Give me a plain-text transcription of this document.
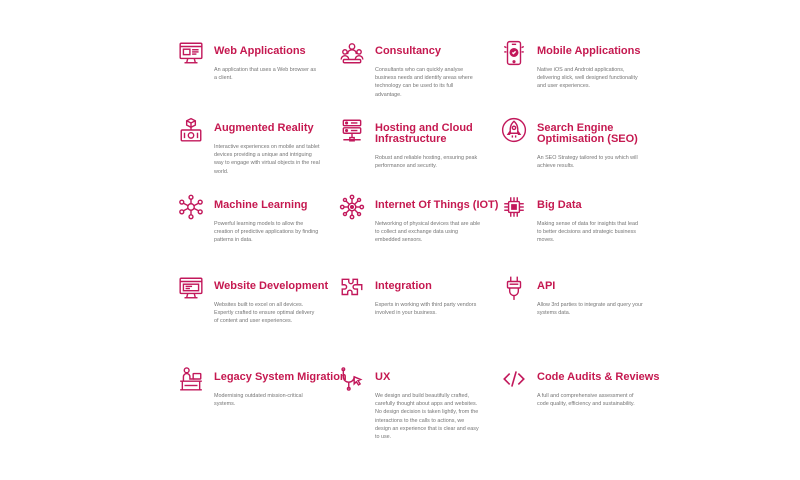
Web Applications

An application that uses a Web browser as a client.

Consultancy

Consultants who can quickly analyse business needs and identify areas where technology can be used to its full advantage.

Mobile Applications

Native iOS and Android applications, delivering slick, well designed functionality and user experiences.

Augmented Reality

Interactive experiences on mobile and tablet devices providing a unique and intriguing way to engage with virtual objects in the real world.

Hosting and Cloud Infrastructure

Robust and reliable hosting, ensuring peak performance and security.

Search Engine Optimisation (SEO)

An SEO Strategy tailored to you which will achieve results.

Machine Learning

Powerful learning models to allow the creation of predictive applications by finding patterns in data.

Internet Of Things (IOT)

Networking of physical devices that are able to collect and exchange data using embedded sensors.

Big Data

Making sense of data for insights that lead to better decisions and strategic business moves.

Website Development

Websites built to excel on all devices. Expertly crafted to ensure optimal delivery of content and user experiences.

Integration

Experts in working with third party vendors involved in your business.

API

Allow 3rd parties to integrate and query your systems data.

Legacy System Migration

Modernising outdated mission-critical systems.

UX

We design and build beautifully crafted, carefully thought about apps and websites. No design decision is taken lightly, from the interactions to the calls to actions, we design an experience that is clear and easy to use.

Code Audits & Reviews

A full and comprehensive assessment of code quality, efficiency and sustainability.
